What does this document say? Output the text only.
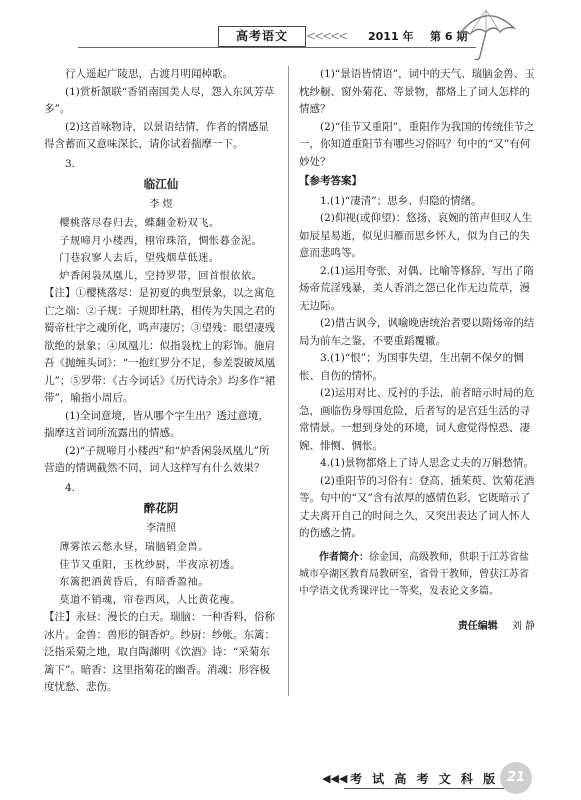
高考语文	<<<<<	2011 年 第 6 期

行人遥起广陵思，古渡月明闻棹歌。

(1)赏析颔联“香销南国美人尽，怨入东风芳草多”。

(2)这首咏物诗，以景语结情，作者的情感显得含蓄而又意味深长，请你试着揣摩一下。

3.

临江仙

李 煜

樱桃落尽春归去，蝶翻金粉双飞。

子规啼月小楼西，栩帘珠箔，惆怅暮金泥。

门巷寂寥人去后，望残烟草低迷。

炉香闲袅凤凰儿，空持罗带，回首恨依依。

【注】①樱桃落尽：是初夏的典型景象，以之寓危亡之端：②子规：子规即杜鹃，相传为失国之君的蜀帝杜宇之魂所化，鸣声凄厉；③望残：眼望凄残欲绝的景象；④凤凰儿：似指袅枕上的彩饰。施肩吾《抛缠头词》：“一抱红罗分不足，参差裂破凤凰儿”；⑤罗带：《古今词话》《历代诗余》均多作“裙带”，喻指小周后。

(1)全词意境，皆从哪个字生出？透过意境，揣摩这首词所流露出的情感。

(2)“子规啼月小楼西”和“炉香闲袅凤凰儿”所营造的情调截然不同，词人这样写有什么效果？

4.

醉花阴

李清照

薄雾浓云愁永昼，瑞脑销金兽。

佳节又重阳，玉枕纱厨，半夜凉初透。

东篱把酒黄昏后，有暗香盈袖。

莫道不销魂，帘卷西风，人比黄花瘦。

【注】永昼：漫长的白天。瑞脑：一种香料，俗称冰片。金兽：兽形的铜香炉。纱厨：纱帐。东篱：泛指采菊之地，取自陶渊明《饮酒》诗：“采菊东篱下”。暗香：这里指菊花的幽香。消魂：形容极度忧愁、悲伤。

(1)“景语皆情语”，词中的天气、瑞脑金兽、玉枕纱橱、窗外菊花、等景物，都烙上了词人怎样的情感？

(2)“佳节又重阳”，重阳作为我国的传统佳节之一，你知道重阳节有哪些习俗吗？句中的“又”有何妙处？

【参考答案】

1.(1)“凄清”；思乡、归隐的情绪。

(2)仰视(或仰望)：悠扬、哀婉的笛声但叹人生如辰星易逝，似见归雁而思乡怀人，似为自己的失意而悲鸣等。

2.(1)运用夸张、对偶、比喻等修辞，写出了隋炀帝荒淫残暴，美人香消之怨已化作无边荒草，漫无边际。

(2)借古讽今，讽喻晚唐统治者要以隋炀帝的结局为前车之鉴，不要重蹈覆辙。

3.(1)“恨”；为国事失望，生出朝不保夕的惆怅、自伤的情怀。

(2)运用对比、反衬的手法，前者暗示时局的危急，画临伤身辱国危险，后者写的是宫廷生活的寻常情景。一想到身处的环境，词人愈觉得惶恐、凄婉、悱恻、惆怅。

4.(1)景物都烙上了诗人思念丈夫的万斛愁情。

(2)重阳节的习俗有：登高、插茱萸、饮菊花酒等。句中的“又”含有浓厚的感情色彩，它既暗示了丈夫离开自己的时间之久，又突出表达了词人怀人的伤感之情。

作者简介：徐金国，高级教师，供职于江苏省盐城市亭湖区教育局教研室，省骨干教师，曾获江苏省中学语文优秀课评比一等奖，发表论文多篇。

责任编辑 刘 静

◀◀◀ 考 试 高 考 文 科 版 21
